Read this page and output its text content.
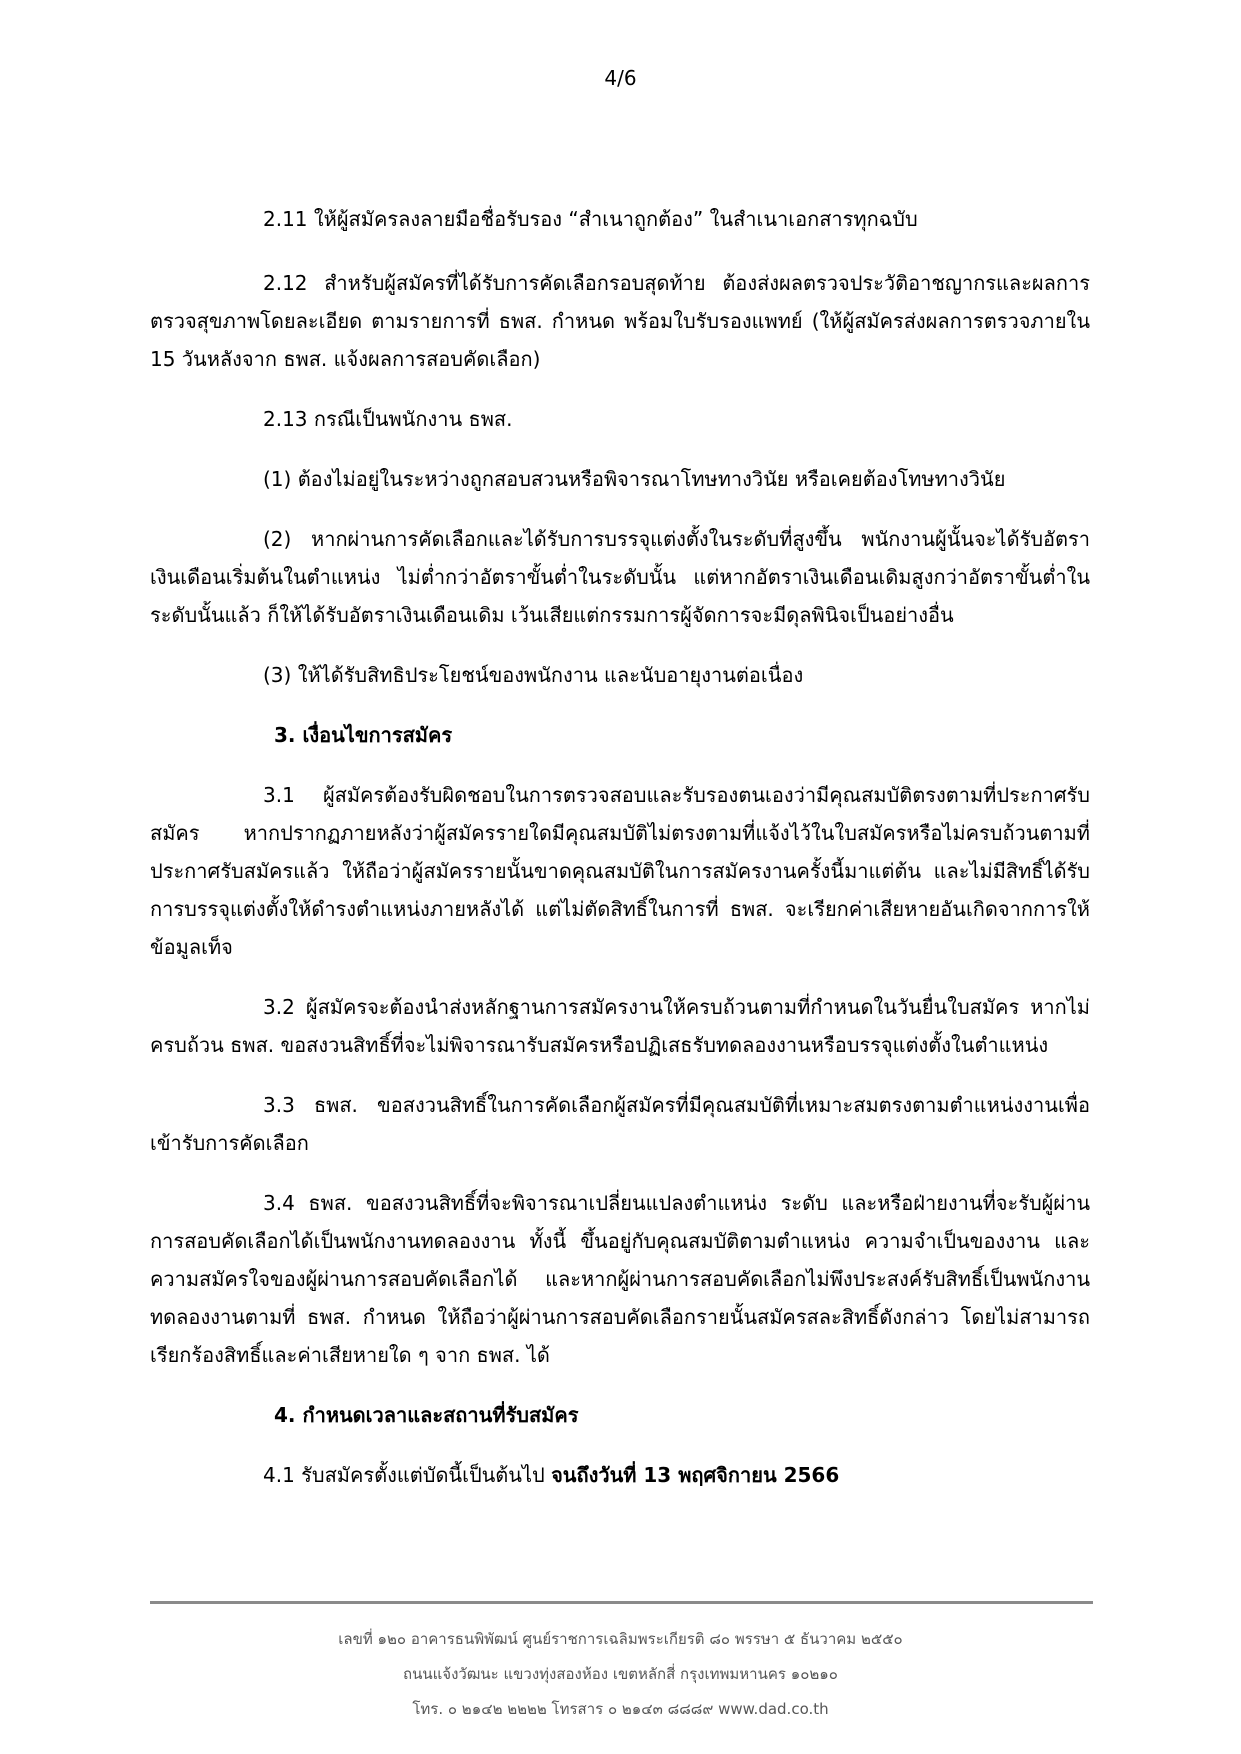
4/6

2.11 ให้ผู้สมัครลงลายมือชื่อรับรอง “สำเนาถูกต้อง” ในสำเนาเอกสารทุกฉบับ

2.12 สำหรับผู้สมัครที่ได้รับการคัดเลือกรอบสุดท้าย ต้องส่งผลตรวจประวัติอาชญากรและผลการตรวจสุขภาพโดยละเอียด ตามรายการที่ ธพส. กำหนด พร้อมใบรับรองแพทย์ (ให้ผู้สมัครส่งผลการตรวจภายใน 15 วันหลังจาก ธพส. แจ้งผลการสอบคัดเลือก)

2.13 กรณีเป็นพนักงาน ธพส.

(1) ต้องไม่อยู่ในระหว่างถูกสอบสวนหรือพิจารณาโทษทางวินัย หรือเคยต้องโทษทางวินัย

(2) หากผ่านการคัดเลือกและได้รับการบรรจุแต่งตั้งในระดับที่สูงขึ้น พนักงานผู้นั้นจะได้รับอัตราเงินเดือนเริ่มต้นในตำแหน่ง ไม่ต่ำกว่าอัตราขั้นต่ำในระดับนั้น แต่หากอัตราเงินเดือนเดิมสูงกว่าอัตราขั้นต่ำในระดับนั้นแล้ว ก็ให้ได้รับอัตราเงินเดือนเดิม เว้นเสียแต่กรรมการผู้จัดการจะมีดุลพินิจเป็นอย่างอื่น

(3) ให้ได้รับสิทธิประโยชน์ของพนักงาน และนับอายุงานต่อเนื่อง

3. เงื่อนไขการสมัคร

3.1 ผู้สมัครต้องรับผิดชอบในการตรวจสอบและรับรองตนเองว่ามีคุณสมบัติตรงตามที่ประกาศรับสมัคร หากปรากฏภายหลังว่าผู้สมัครรายใดมีคุณสมบัติไม่ตรงตามที่แจ้งไว้ในใบสมัครหรือไม่ครบถ้วนตามที่ประกาศรับสมัครแล้ว ให้ถือว่าผู้สมัครรายนั้นขาดคุณสมบัติในการสมัครงานครั้งนี้มาแต่ต้น และไม่มีสิทธิ์ได้รับการบรรจุแต่งตั้งให้ดำรงตำแหน่งภายหลังได้ แต่ไม่ตัดสิทธิ์ในการที่ ธพส. จะเรียกค่าเสียหายอันเกิดจากการให้ข้อมูลเท็จ

3.2 ผู้สมัครจะต้องนำส่งหลักฐานการสมัครงานให้ครบถ้วนตามที่กำหนดในวันยื่นใบสมัคร หากไม่ครบถ้วน ธพส. ขอสงวนสิทธิ์ที่จะไม่พิจารณารับสมัครหรือปฏิเสธรับทดลองงานหรือบรรจุแต่งตั้งในตำแหน่ง

3.3 ธพส. ขอสงวนสิทธิ์ในการคัดเลือกผู้สมัครที่มีคุณสมบัติที่เหมาะสมตรงตามตำแหน่งงานเพื่อเข้ารับการคัดเลือก

3.4 ธพส. ขอสงวนสิทธิ์ที่จะพิจารณาเปลี่ยนแปลงตำแหน่ง ระดับ และหรือฝ่ายงานที่จะรับผู้ผ่านการสอบคัดเลือกได้เป็นพนักงานทดลองงาน ทั้งนี้ ขึ้นอยู่กับคุณสมบัติตามตำแหน่ง ความจำเป็นของงาน และความสมัครใจของผู้ผ่านการสอบคัดเลือกได้ และหากผู้ผ่านการสอบคัดเลือกไม่พึงประสงค์รับสิทธิ์เป็นพนักงานทดลองงานตามที่ ธพส. กำหนด ให้ถือว่าผู้ผ่านการสอบคัดเลือกรายนั้นสมัครสละสิทธิ์ดังกล่าว โดยไม่สามารถเรียกร้องสิทธิ์และค่าเสียหายใด ๆ จาก ธพส. ได้

4. กำหนดเวลาและสถานที่รับสมัคร

4.1 รับสมัครตั้งแต่บัดนี้เป็นต้นไป จนถึงวันที่ 13 พฤศจิกายน 2566

เลขที่ ๑๒๐ อาคารธนพิพัฒน์ ศูนย์ราชการเฉลิมพระเกียรติ ๘๐ พรรษา ๕ ธันวาคม ๒๕๕๐
ถนนแจ้งวัฒนะ แขวงทุ่งสองห้อง เขตหลักสี่ กรุงเทพมหานคร ๑๐๒๑๐
โทร. ๐ ๒๑๔๒ ๒๒๒๒ โทรสาร ๐ ๒๑๔๓ ๘๘๘๙ www.dad.co.th
